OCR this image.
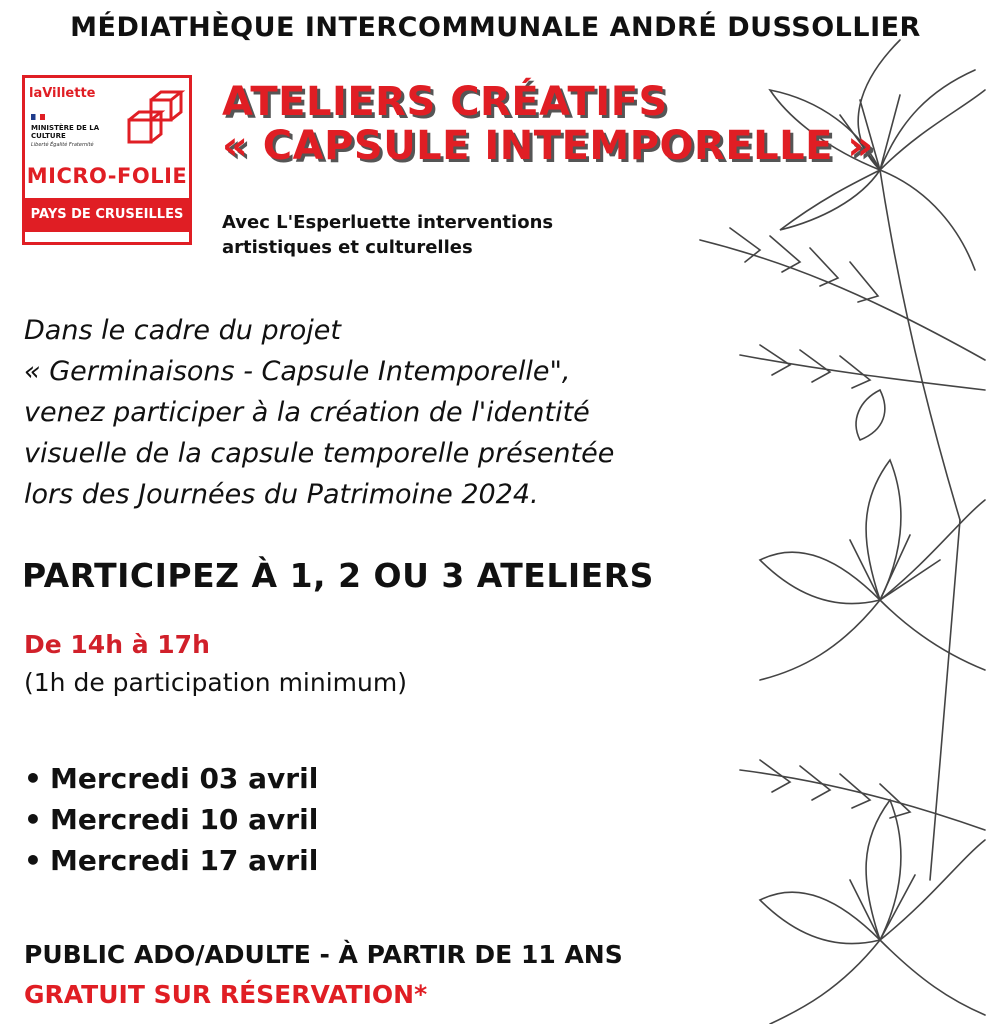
MÉDIATHÈQUE INTERCOMMUNALE ANDRÉ DUSSOLLIER
laVillette
MINISTÈRE DE LA CULTURE
Liberté Égalité Fraternité
MICRO-FOLIE
PAYS DE CRUSEILLES
ATELIERS CRÉATIFS
« CAPSULE INTEMPORELLE »
Avec L'Esperluette interventions
artistiques et culturelles
Dans le cadre du projet
« Germinaisons - Capsule Intemporelle",
venez participer à la création de l'identité
visuelle de la capsule temporelle présentée
lors des Journées du Patrimoine 2024.
PARTICIPEZ À 1, 2 OU 3 ATELIERS
De 14h à 17h
(1h de participation minimum)
• Mercredi 03 avril
• Mercredi 10 avril
• Mercredi 17 avril
PUBLIC ADO/ADULTE - À PARTIR DE 11 ANS
GRATUIT SUR RÉSERVATION*
